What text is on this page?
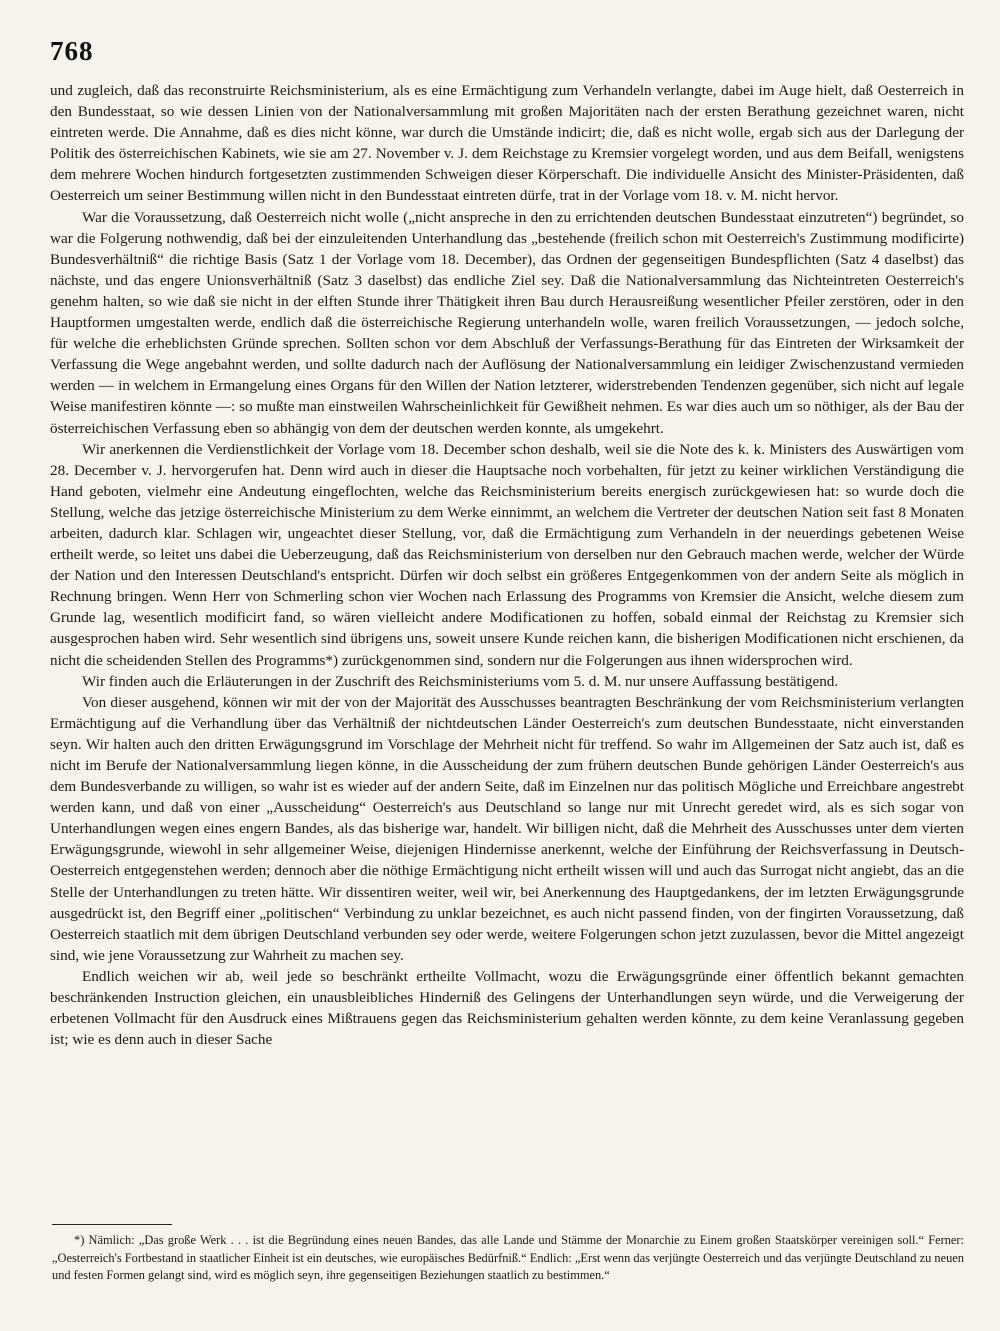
768

und zugleich, daß das reconstruirte Reichsministerium, als es eine Ermächtigung zum Verhandeln verlangte, dabei im Auge hielt, daß Oesterreich in den Bundesstaat, so wie dessen Linien von der Nationalversammlung mit großen Majoritäten nach der ersten Berathung gezeichnet waren, nicht eintreten werde. Die Annahme, daß es dies nicht könne, war durch die Umstände indicirt; die, daß es nicht wolle, ergab sich aus der Darlegung der Politik des österreichischen Kabinets, wie sie am 27. November v. J. dem Reichstage zu Kremsier vorgelegt worden, und aus dem Beifall, wenigstens dem mehrere Wochen hindurch fortgesetzten zustimmenden Schweigen dieser Körperschaft. Die individuelle Ansicht des Minister-Präsidenten, daß Oesterreich um seiner Bestimmung willen nicht in den Bundesstaat eintreten dürfe, trat in der Vorlage vom 18. v. M. nicht hervor.

War die Voraussetzung, daß Oesterreich nicht wolle („nicht anspreche in den zu errichtenden deutschen Bundesstaat einzutreten“) begründet, so war die Folgerung nothwendig, daß bei der einzuleitenden Unterhandlung das „bestehende (freilich schon mit Oesterreich's Zustimmung modificirte) Bundesverhältniß“ die richtige Basis (Satz 1 der Vorlage vom 18. December), das Ordnen der gegenseitigen Bundespflichten (Satz 4 daselbst) das nächste, und das engere Unionsverhältniß (Satz 3 daselbst) das endliche Ziel sey. Daß die Nationalversammlung das Nichteintreten Oesterreich's genehm halten, so wie daß sie nicht in der elften Stunde ihrer Thätigkeit ihren Bau durch Herausreißung wesentlicher Pfeiler zerstören, oder in den Hauptformen umgestalten werde, endlich daß die österreichische Regierung unterhandeln wolle, waren freilich Voraussetzungen, — jedoch solche, für welche die erheblichsten Gründe sprechen. Sollten schon vor dem Abschluß der Verfassungs-Berathung für das Eintreten der Wirksamkeit der Verfassung die Wege angebahnt werden, und sollte dadurch nach der Auflösung der Nationalversammlung ein leidiger Zwischenzustand vermieden werden — in welchem in Ermangelung eines Organs für den Willen der Nation letzterer, widerstrebenden Tendenzen gegenüber, sich nicht auf legale Weise manifestiren könnte —: so mußte man einstweilen Wahrscheinlichkeit für Gewißheit nehmen. Es war dies auch um so nöthiger, als der Bau der österreichischen Verfassung eben so abhängig von dem der deutschen werden konnte, als umgekehrt.

Wir anerkennen die Verdienstlichkeit der Vorlage vom 18. December schon deshalb, weil sie die Note des k. k. Ministers des Auswärtigen vom 28. December v. J. hervorgerufen hat. Denn wird auch in dieser die Hauptsache noch vorbehalten, für jetzt zu keiner wirklichen Verständigung die Hand geboten, vielmehr eine Andeutung eingeflochten, welche das Reichsministerium bereits energisch zurückgewiesen hat: so wurde doch die Stellung, welche das jetzige österreichische Ministerium zu dem Werke einnimmt, an welchem die Vertreter der deutschen Nation seit fast 8 Monaten arbeiten, dadurch klar. Schlagen wir, ungeachtet dieser Stellung, vor, daß die Ermächtigung zum Verhandeln in der neuerdings gebetenen Weise ertheilt werde, so leitet uns dabei die Ueberzeugung, daß das Reichsministerium von derselben nur den Gebrauch machen werde, welcher der Würde der Nation und den Interessen Deutschland's entspricht. Dürfen wir doch selbst ein größeres Entgegenkommen von der andern Seite als möglich in Rechnung bringen. Wenn Herr von Schmerling schon vier Wochen nach Erlassung des Programms von Kremsier die Ansicht, welche diesem zum Grunde lag, wesentlich modificirt fand, so wären vielleicht andere Modificationen zu hoffen, sobald einmal der Reichstag zu Kremsier sich ausgesprochen haben wird. Sehr wesentlich sind übrigens uns, soweit unsere Kunde reichen kann, die bisherigen Modificationen nicht erschienen, da nicht die scheidenden Stellen des Programms*) zurückgenommen sind, sondern nur die Folgerungen aus ihnen widersprochen wird.

Wir finden auch die Erläuterungen in der Zuschrift des Reichsministeriums vom 5. d. M. nur unsere Auffassung bestätigend.

Von dieser ausgehend, können wir mit der von der Majorität des Ausschusses beantragten Beschränkung der vom Reichsministerium verlangten Ermächtigung auf die Verhandlung über das Verhältniß der nichtdeutschen Länder Oesterreich's zum deutschen Bundesstaate, nicht einverstanden seyn. Wir halten auch den dritten Erwägungsgrund im Vorschlage der Mehrheit nicht für treffend. So wahr im Allgemeinen der Satz auch ist, daß es nicht im Berufe der Nationalversammlung liegen könne, in die Ausscheidung der zum frühern deutschen Bunde gehörigen Länder Oesterreich's aus dem Bundesverbande zu willigen, so wahr ist es wieder auf der andern Seite, daß im Einzelnen nur das politisch Mögliche und Erreichbare angestrebt werden kann, und daß von einer „Ausscheidung“ Oesterreich's aus Deutschland so lange nur mit Unrecht geredet wird, als es sich sogar von Unterhandlungen wegen eines engern Bandes, als das bisherige war, handelt. Wir billigen nicht, daß die Mehrheit des Ausschusses unter dem vierten Erwägungsgrunde, wiewohl in sehr allgemeiner Weise, diejenigen Hindernisse anerkennt, welche der Einführung der Reichsverfassung in Deutsch-Oesterreich entgegenstehen werden; dennoch aber die nöthige Ermächtigung nicht ertheilt wissen will und auch das Surrogat nicht angiebt, das an die Stelle der Unterhandlungen zu treten hätte. Wir dissentiren weiter, weil wir, bei Anerkennung des Hauptgedankens, der im letzten Erwägungsgrunde ausgedrückt ist, den Begriff einer „politischen“ Verbindung zu unklar bezeichnet, es auch nicht passend finden, von der fingirten Voraussetzung, daß Oesterreich staatlich mit dem übrigen Deutschland verbunden sey oder werde, weitere Folgerungen schon jetzt zuzulassen, bevor die Mittel angezeigt sind, wie jene Voraussetzung zur Wahrheit zu machen sey.

Endlich weichen wir ab, weil jede so beschränkt ertheilte Vollmacht, wozu die Erwägungsgründe einer öffentlich bekannt gemachten beschränkenden Instruction gleichen, ein unausbleibliches Hinderniß des Gelingens der Unterhandlungen seyn würde, und die Verweigerung der erbetenen Vollmacht für den Ausdruck eines Mißtrauens gegen das Reichsministerium gehalten werden könnte, zu dem keine Veranlassung gegeben ist; wie es denn auch in dieser Sache

*) Nämlich: „Das große Werk . . . ist die Begründung eines neuen Bandes, das alle Lande und Stämme der Monarchie zu Einem großen Staatskörper vereinigen soll.“ Ferner: „Oesterreich's Fortbestand in staatlicher Einheit ist ein deutsches, wie europäisches Bedürfniß.“ Endlich: „Erst wenn das verjüngte Oesterreich und das verjüngte Deutschland zu neuen und festen Formen gelangt sind, wird es möglich seyn, ihre gegenseitigen Beziehungen staatlich zu bestimmen.“
